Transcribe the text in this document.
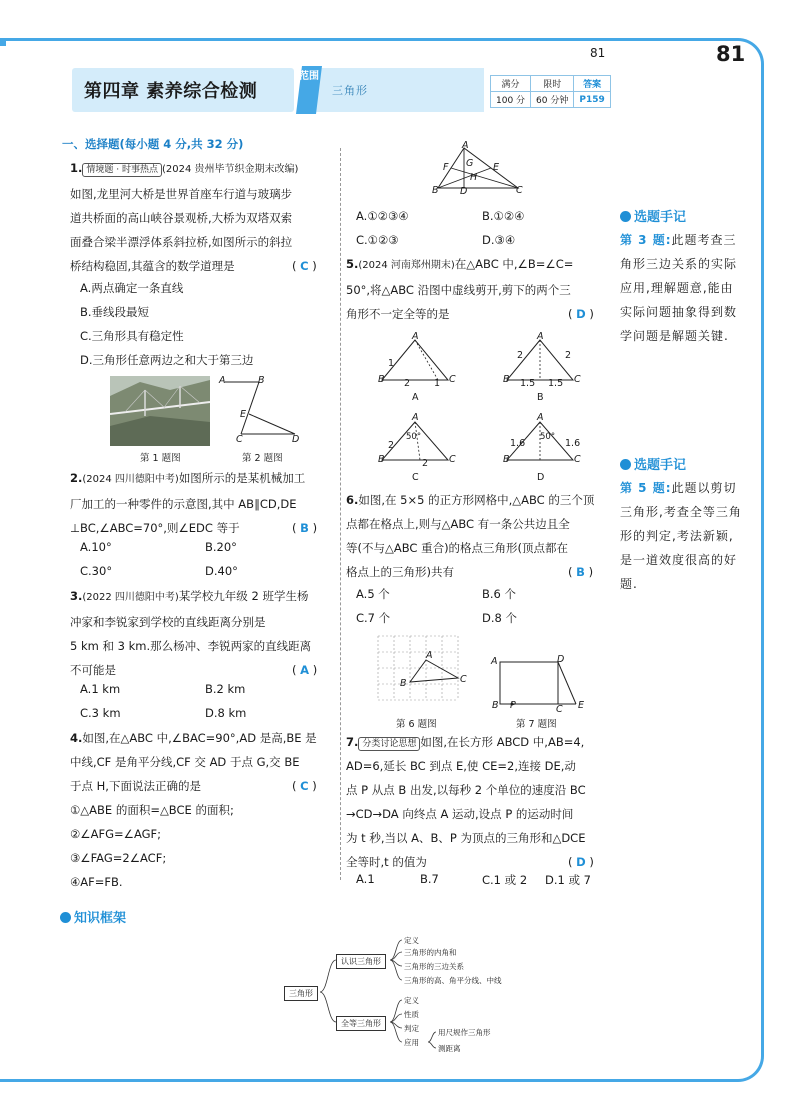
81	81
第四章 素养综合检测
范围
三角形	满分	限时	答案
100 分	60 分钟	P159
一、选择题(每小题 4 分,共 32 分)
1. 情境题 · 时事热点 (2024 贵州毕节织金期末改编)
如图,龙里河大桥是世界首座车行道与玻璃步
道共桥面的高山峡谷景观桥,大桥为双塔双索
面叠合梁半漂浮体系斜拉桥,如图所示的斜拉
桥结构稳固,其蕴含的数学道理是	( C )
A.两点确定一条直线
B.垂线段最短
C.三角形具有稳定性
D.三角形任意两边之和大于第三边
第 1 题图
A	B
E
C	D
第 2 题图
2.(2024 四川德阳中考)如图所示的是某机械加工
厂加工的一种零件的示意图,其中 AB∥CD,DE
⊥BC,∠ABC=70°,则∠EDC 等于	( B )
A.10°	B.20°
C.30°	D.40°
3.(2022 四川德阳中考)某学校九年级 2 班学生杨
冲家和李锐家到学校的直线距离分别是
5 km 和 3 km.那么杨冲、李锐两家的直线距离
不可能是	( A )
A.1 km	B.2 km
C.3 km	D.8 km
4.如图,在△ABC 中,∠BAC=90°,AD 是高,BE 是
中线,CF 是角平分线,CF 交 AD 于点 G,交 BE
于点 H,下面说法正确的是	( C )

①△ABE 的面积=△BCE 的面积;
②∠AFG=∠AGF;
③∠FAG=2∠ACF;
④AF=FB.
A
F G E
H
B D	C
A.①②③④	B.①②④
C.①②③	D.③④
5.(2024 河南郑州期末)在△ABC 中,∠B=∠C=
50°,将△ABC 沿图中虚线剪开,剪下的两个三
角形不一定全等的是	( D )
A
B	C
1
2	1
A
B	C
2	2
1.5 1.5
A	B
A
B	C
2
2
50°
A
B	C
1.6	1.6
50°
C	D
6.如图,在 5×5 的正方形网格中,△ABC 的三个顶
点都在格点上,则与△ABC 有一条公共边且全
等(不与△ABC 重合)的格点三角形(顶点都在
格点上的三角形)共有	( B )
A.5 个	B.6 个
C.7 个	D.8 个
A
B	C
第 6 题图
A	D
B P	C E
第 7 题图
7. 分类讨论思想 如图,在长方形 ABCD 中,AB=4,
AD=6,延长 BC 到点 E,使 CE=2,连接 DE,动
点 P 从点 B 出发,以每秒 2 个单位的速度沿 BC
→CD→DA 向终点 A 运动,设点 P 的运动时间
为 t 秒,当以 A、B、P 为顶点的三角形和△DCE
全等时,t 的值为	( D )
A.1	B.7	C.1 或 2 D.1 或 7
选题手记
第 3 题:此题考查三角形三边关系的实际应用,理解题意,能由实际问题抽象得到数学问题是解题关键.
选题手记
第 5 题:此题以剪切三角形,考查全等三角形的判定,考法新颖,是一道效度很高的好题.
知识框架
三角形
认识三角形
全等三角形
定义
三角形的内角和
三角形的三边关系
三角形的高、角平分线、中线
定义
性质
判定
应用
用尺规作三角形
测距离
